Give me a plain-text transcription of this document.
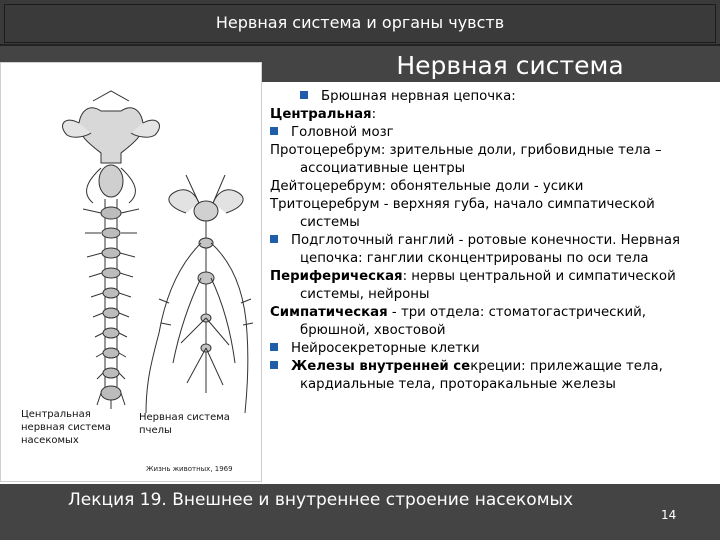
Нервная система и органы чувств
Нервная система
Центральная нервная система насекомых
Нервная система пчелы
Жизнь животных, 1969
Брюшная нервная цепочка:
Центральная:
Головной мозг
Протоцеребрум: зрительные доли, грибовидные тела –
ассоциативные центры
Дейтоцеребрум: обонятельные доли - усики
Тритоцеребрум - верхняя губа, начало симпатической
системы
Подглоточный ганглий - ротовые конечности. Нервная
цепочка: ганглии сконцентрированы по оси тела
Периферическая: нервы центральной и симпатической
системы, нейроны
Симпатическая - три отдела: стоматогастрический,
брюшной, хвостовой
Нейросекреторные клетки
Железы внутренней секреции: прилежащие тела,
кардиальные тела, проторакальные железы
Лекция 19. Внешнее и внутреннее строение насекомых
14
